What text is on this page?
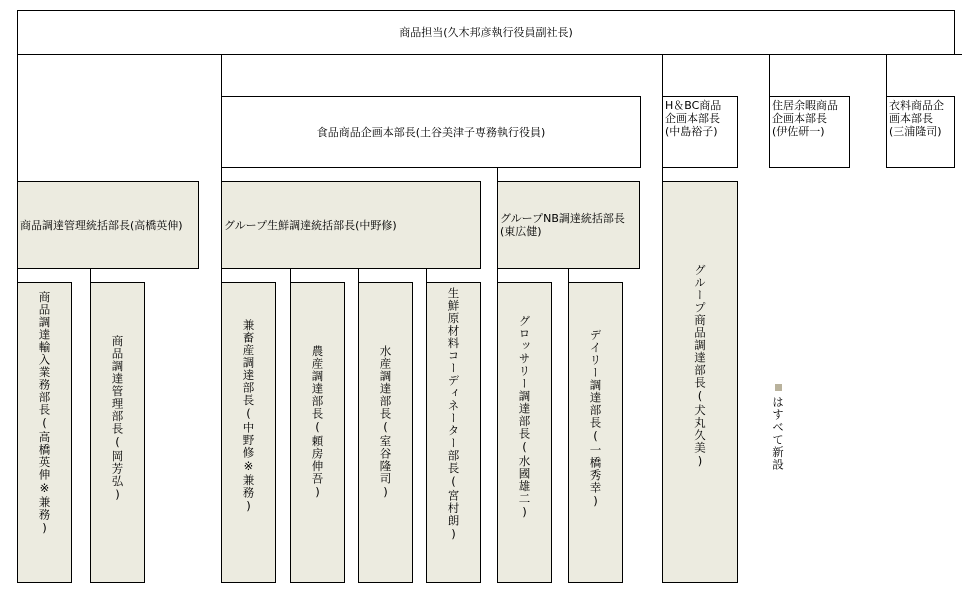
商品担当(久木邦彦執行役員副社長)
食品商品企画本部長(土谷美津子専務執行役員)
H＆BC商品
企画本部長
(中島裕子)
住居余暇商品
企画本部長
(伊佐研一)
衣料商品企
画本部長
(三浦隆司)
商品調達管理統括部長(高橋英伸)	グループ生鮮調達統括部長(中野修)	グループNB調達統括部長
(東広健)
商品調達輸入業務部長(高橋英伸※兼務)	商品調達管理部長(岡芳弘)	兼畜産調達部長(中野修※兼務)	農産調達部長(頼房伸吾)	水産調達部長(室谷隆司)	生鮮原材料コーディネーター部長(宮村朗)	グロッサリー調達部長(水國雄二)	デイリー調達部長(一橋秀幸)	グループ商品調達部長(犬丸久美)	はすべて新設
